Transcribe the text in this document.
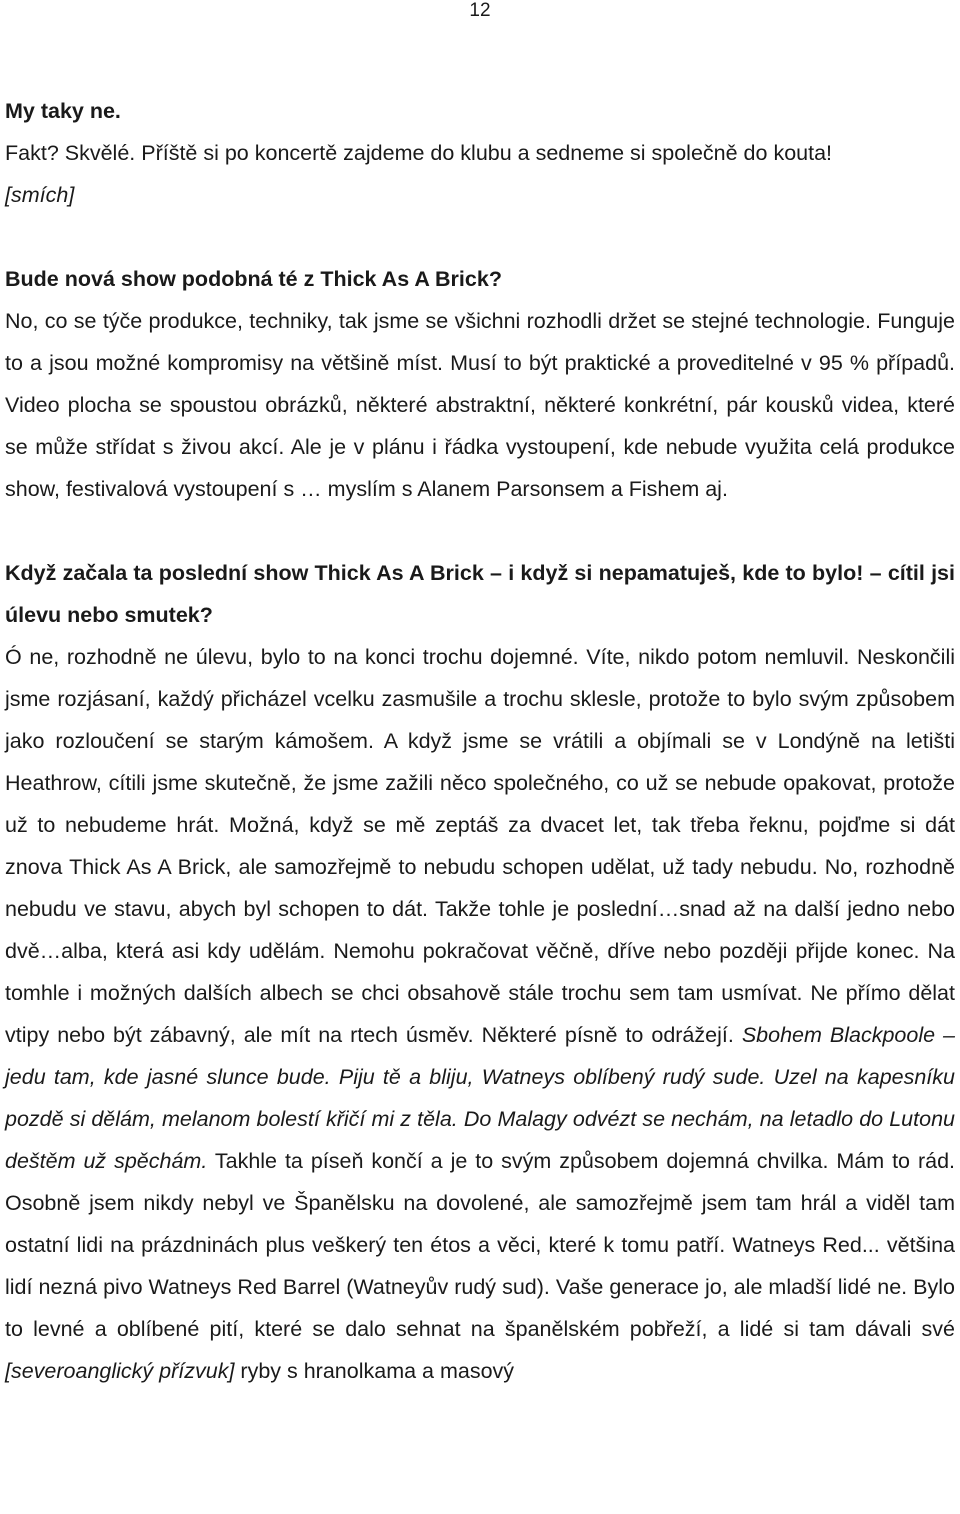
12

My taky ne.

Fakt? Skvělé. Příště si po koncertě zajdeme do klubu a sedneme si společně do kouta!

[smích]

Bude nová show podobná té z Thick As A Brick?

No, co se týče produkce, techniky, tak jsme se všichni rozhodli držet se stejné technologie. Funguje to a jsou možné kompromisy na většině míst. Musí to být praktické a proveditelné v 95 % případů. Video plocha se spoustou obrázků, některé abstraktní, některé konkrétní, pár kousků videa, které se může střídat s živou akcí. Ale je v plánu i řádka vystoupení, kde nebude využita celá produkce show, festivalová vystoupení s … myslím s Alanem Parsonsem a Fishem aj.

Když začala ta poslední show Thick As A Brick – i když si nepamatuješ, kde to bylo! – cítil jsi úlevu nebo smutek?

Ó ne, rozhodně ne úlevu, bylo to na konci trochu dojemné. Víte, nikdo potom nemluvil. Neskončili jsme rozjásaní, každý přicházel vcelku zasmušile a trochu sklesle, protože to bylo svým způsobem jako rozloučení se starým kámošem. A když jsme se vrátili a objímali se v Londýně na letišti Heathrow, cítili jsme skutečně, že jsme zažili něco společného, co už se nebude opakovat, protože už to nebudeme hrát. Možná, když se mě zeptáš za dvacet let, tak třeba řeknu, pojďme si dát znova Thick As A Brick, ale samozřejmě to nebudu schopen udělat, už tady nebudu. No, rozhodně nebudu ve stavu, abych byl schopen to dát. Takže tohle je poslední…snad až na další jedno nebo dvě…alba, která asi kdy udělám. Nemohu pokračovat věčně, dříve nebo později přijde konec. Na tomhle i možných dalších albech se chci obsahově stále trochu sem tam usmívat. Ne přímo dělat vtipy nebo být zábavný, ale mít na rtech úsměv. Některé písně to odrážejí. Sbohem Blackpoole – jedu tam, kde jasné slunce bude. Piju tě a bliju, Watneys oblíbený rudý sude. Uzel na kapesníku pozdě si dělám, melanom bolestí křičí mi z těla. Do Malagy odvézt se nechám, na letadlo do Lutonu deštěm už spěchám. Takhle ta píseň končí a je to svým způsobem dojemná chvilka. Mám to rád. Osobně jsem nikdy nebyl ve Španělsku na dovolené, ale samozřejmě jsem tam hrál a viděl tam ostatní lidi na prázdninách plus veškerý ten étos a věci, které k tomu patří. Watneys Red... většina lidí nezná pivo Watneys Red Barrel (Watneyův rudý sud). Vaše generace jo, ale mladší lidé ne. Bylo to levné a oblíbené pití, které se dalo sehnat na španělském pobřeží, a lidé si tam dávali své [severoanglický přízvuk] ryby s hranolkama a masový
